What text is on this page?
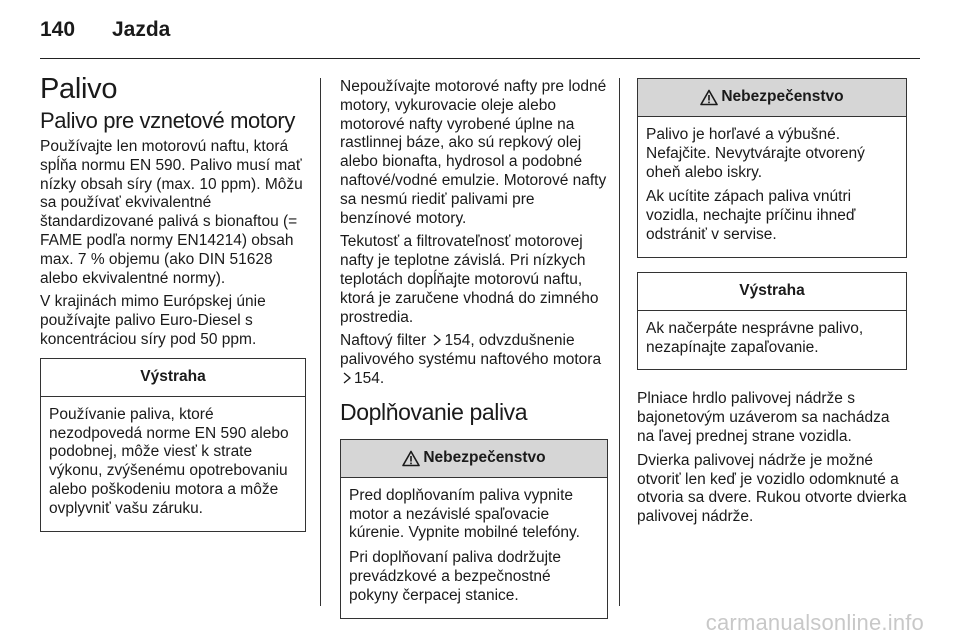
140	Jazda
Palivo
Palivo pre vznetové motory

Používajte len motorovú naftu, ktorá spĺňa normu EN 590. Palivo musí mať nízky obsah síry (max. 10 ppm). Môžu sa používať ekvivalentné štandardizované palivá s bionaftou (= FAME podľa normy EN14214) obsah max. 7 % objemu (ako DIN 51628 alebo ekvivalentné normy).

V krajinách mimo Európskej únie používajte palivo Euro-Diesel s koncentráciou síry pod 50 ppm.

Výstraha

Používanie paliva, ktoré nezodpovedá norme EN 590 alebo podobnej, môže viesť k strate výkonu, zvýšenému opotrebovaniu alebo poškodeniu motora a môže ovplyvniť vašu záruku.

Nepoužívajte motorové nafty pre lodné motory, vykurovacie oleje alebo motorové nafty vyrobené úplne na rastlinnej báze, ako sú repkový olej alebo bionafta, hydrosol a podobné naftové/vodné emulzie. Motorové nafty sa nesmú riediť palivami pre benzínové motory.

Tekutosť a filtrovateľnosť motorovej nafty je teplotne závislá. Pri nízkych teplotách dopĺňajte motorovú naftu, ktorá je zaručene vhodná do zimného prostredia.

Naftový filter 154, odvzdušnenie palivového systému naftového motora 154.

Doplňovanie paliva
Nebezpečenstvo

Pred doplňovaním paliva vypnite motor a nezávislé spaľovacie kúrenie. Vypnite mobilné telefóny.

Pri doplňovaní paliva dodržujte prevádzkové a bezpečnostné pokyny čerpacej stanice.

Nebezpečenstvo

Palivo je horľavé a výbušné. Nefajčite. Nevytvárajte otvorený oheň alebo iskry.

Ak ucítite zápach paliva vnútri vozidla, nechajte príčinu ihneď odstrániť v servise.

Výstraha

Ak načerpáte nesprávne palivo, nezapínajte zapaľovanie.

Plniace hrdlo palivovej nádrže s bajonetovým uzáverom sa nachádza na ľavej prednej strane vozidla.

Dvierka palivovej nádrže je možné otvoriť len keď je vozidlo odomknuté a otvoria sa dvere. Rukou otvorte dvierka palivovej nádrže.

carmanualsonline.info
